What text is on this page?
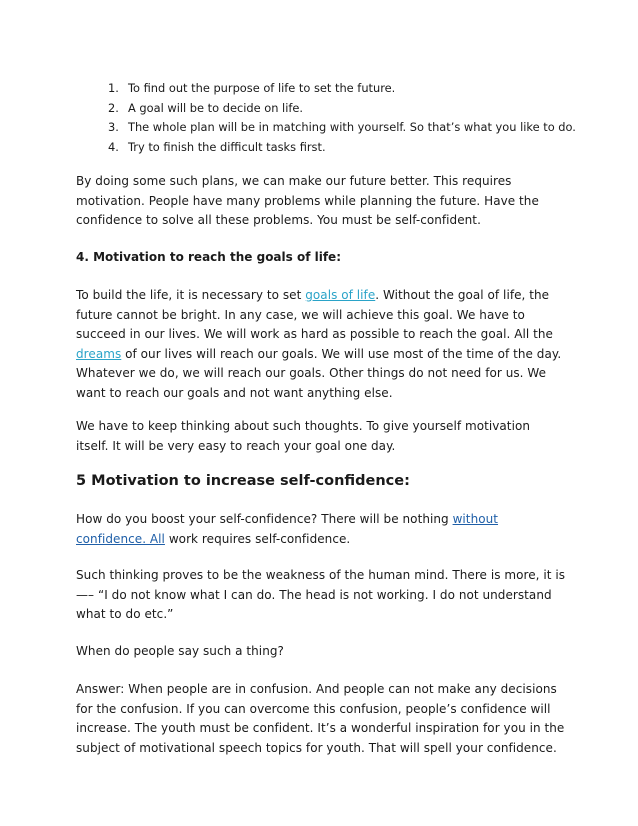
1. To find out the purpose of life to set the future.
2. A goal will be to decide on life.
3. The whole plan will be in matching with yourself. So that’s what you like to do.
4. Try to finish the difficult tasks first.

By doing some such plans, we can make our future better. This requires motivation. People have many problems while planning the future. Have the confidence to solve all these problems. You must be self-confident.

4. Motivation to reach the goals of life:

To build the life, it is necessary to set goals of life. Without the goal of life, the future cannot be bright. In any case, we will achieve this goal. We have to succeed in our lives. We will work as hard as possible to reach the goal. All the dreams of our lives will reach our goals. We will use most of the time of the day. Whatever we do, we will reach our goals. Other things do not need for us. We want to reach our goals and not want anything else.

We have to keep thinking about such thoughts. To give yourself motivation itself. It will be very easy to reach your goal one day.

5 Motivation to increase self-confidence:

How do you boost your self-confidence? There will be nothing without confidence. All work requires self-confidence.

Such thinking proves to be the weakness of the human mind. There is more, it is —– “I do not know what I can do. The head is not working. I do not understand what to do etc.”

When do people say such a thing?

Answer: When people are in confusion. And people can not make any decisions for the confusion. If you can overcome this confusion, people’s confidence will increase. The youth must be confident. It’s a wonderful inspiration for you in the subject of motivational speech topics for youth. That will spell your confidence.
